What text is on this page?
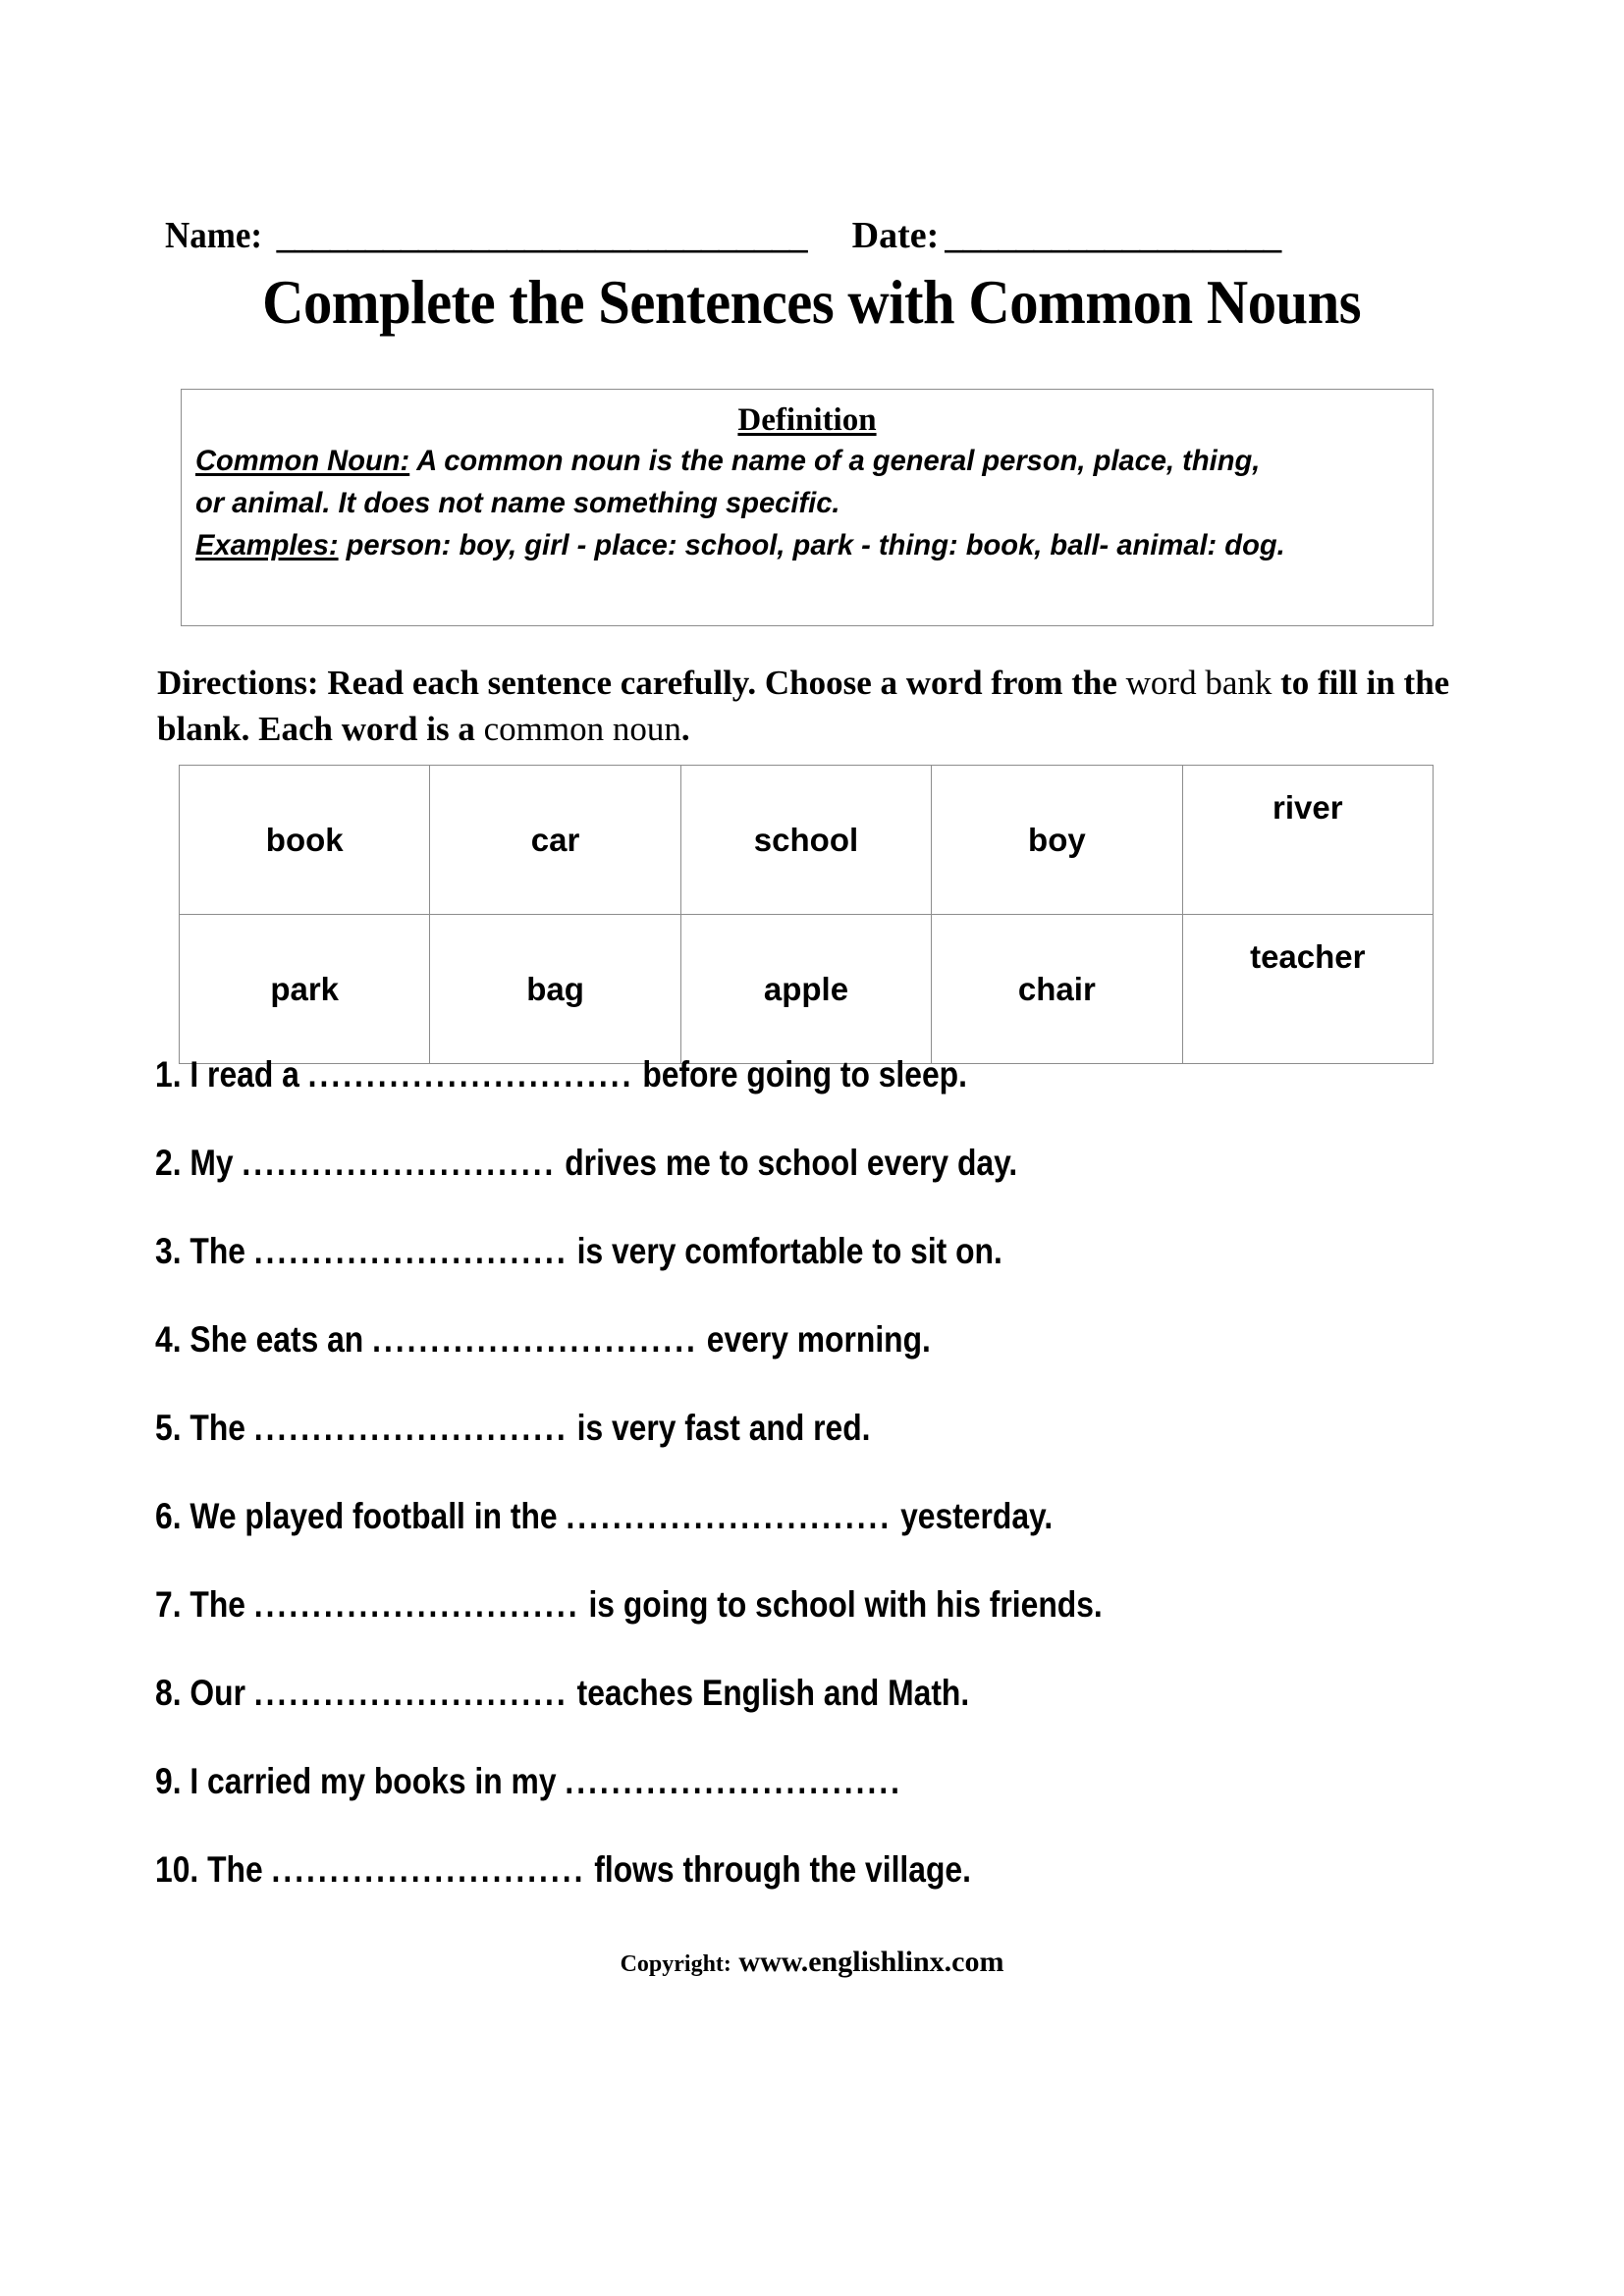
Name: ______________________________ Date: ___________________
Complete the Sentences with Common Nouns
Definition

Common Noun: A common noun is the name of a general person, place, thing,

or animal. It does not name something specific.

Examples: person: boy, girl - place: school, park - thing: book, ball- animal: dog.

Directions: Read each sentence carefully. Choose a word from the word bank to fill in the blank. Each word is a common noun.
book	car	school	boy	river
park	bag	apple	chair	teacher
1. I read a ............................ before going to sleep.
2. My ........................... drives me to school every day.
3. The ........................... is very comfortable to sit on.
4. She eats an ............................ every morning.
5. The ........................... is very fast and red.
6. We played football in the ............................ yesterday.
7. The ............................ is going to school with his friends.
8. Our ........................... teaches English and Math.
9. I carried my books in my .............................
10. The ........................... flows through the village.
Copyright: www.englishlinx.com
